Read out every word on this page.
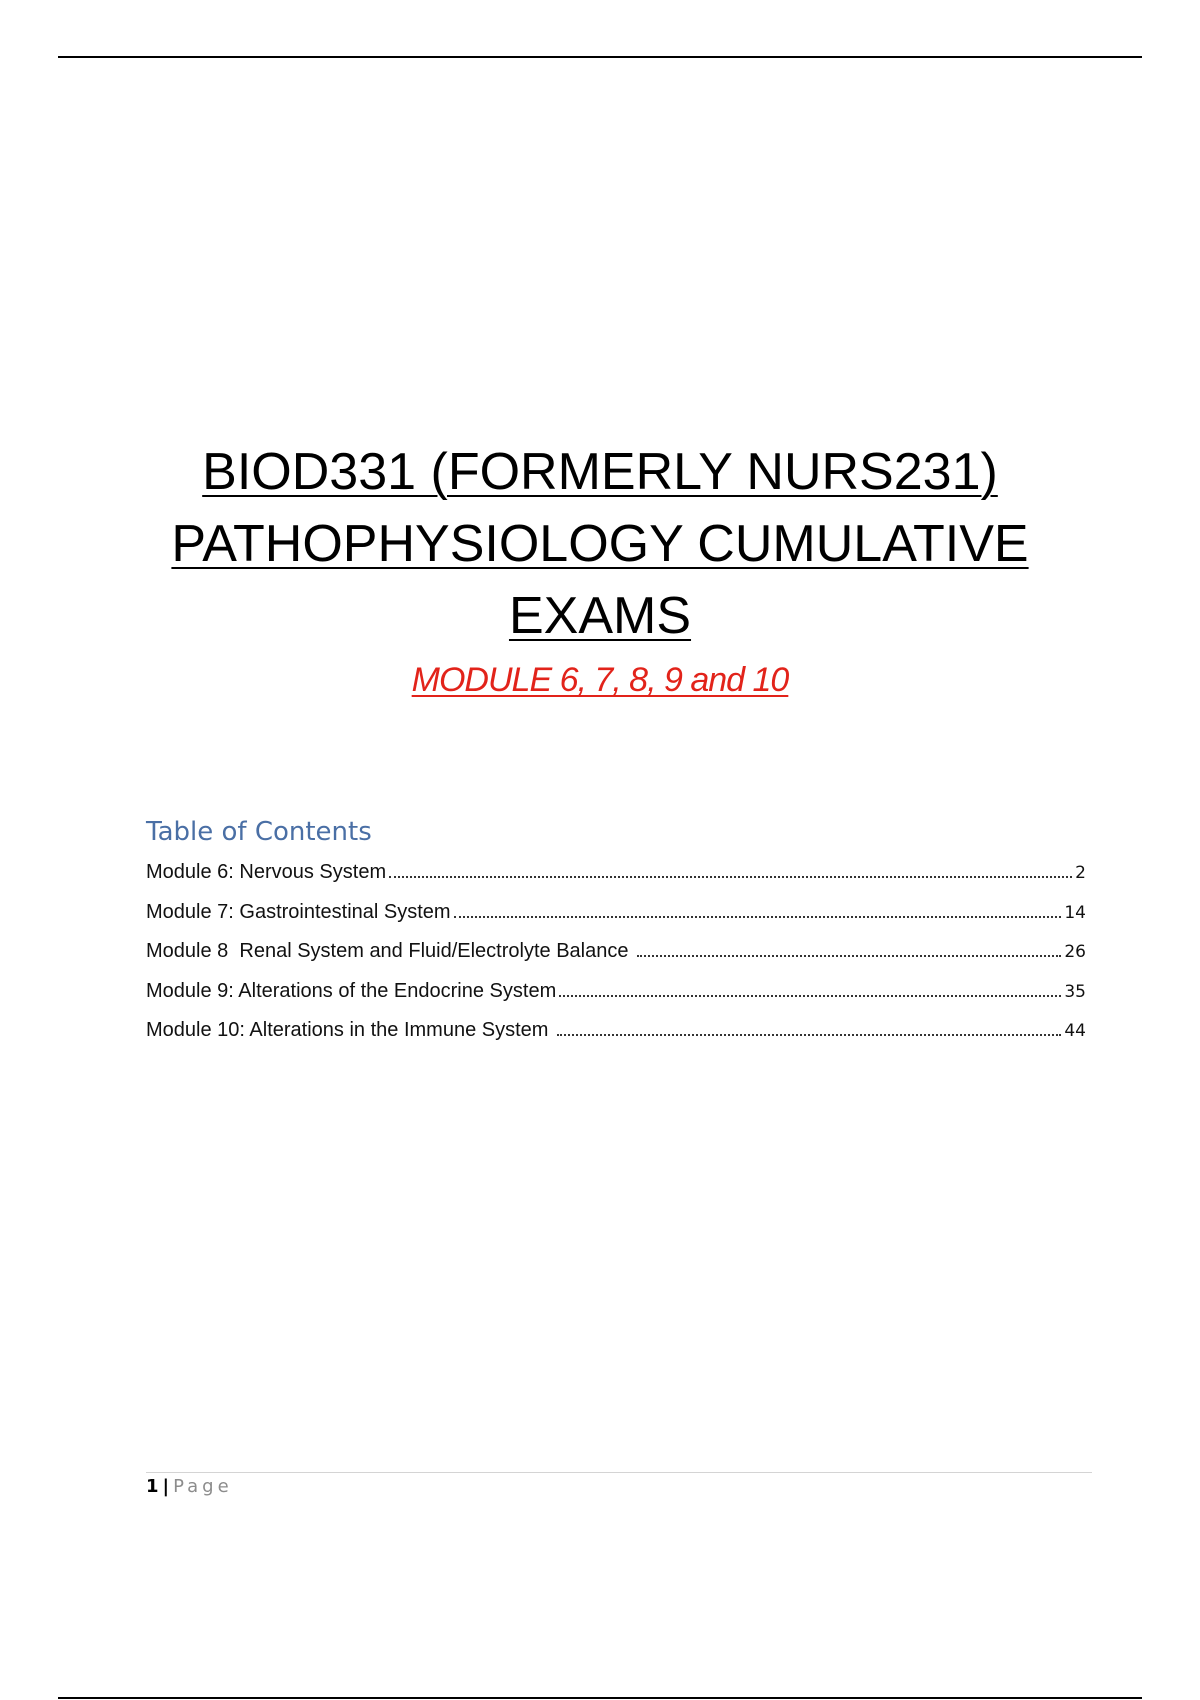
BIOD331 (FORMERLY NURS231)
PATHOPHYSIOLOGY CUMULATIVE
EXAMS
MODULE 6, 7, 8, 9 and 10
Table of Contents
Module 6: Nervous System	2
Module 7: Gastrointestinal System	14
Module 8  Renal System and Fluid/Electrolyte Balance	26
Module 9: Alterations of the Endocrine System	35
Module 10: Alterations in the Immune System	44
1 | Page
